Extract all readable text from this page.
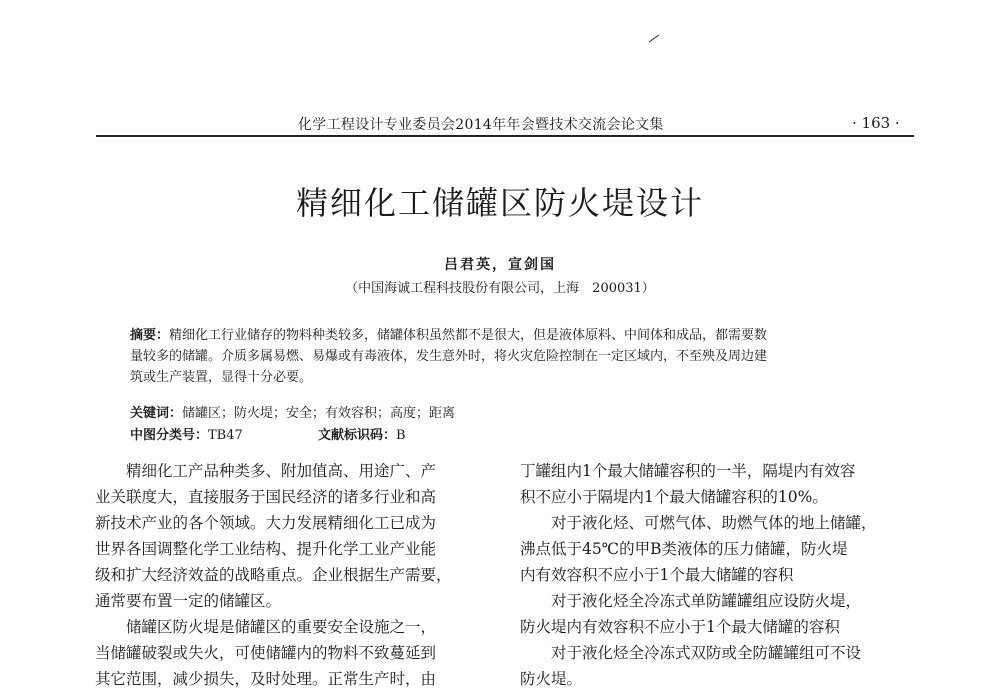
化学工程设计专业委员会2014年年会暨技术交流会论文集	· 163 ·
精细化工储罐区防火堤设计
吕君英，宣剑国
（中国海诚工程科技股份有限公司，上海　200031）

摘要：精细化工行业储存的物料种类较多，储罐体积虽然都不是很大，但是液体原料、中间体和成品，都需要数

量较多的储罐。介质多属易燃、易爆或有毒液体，发生意外时，将火灾危险控制在一定区域内，不至殃及周边建

筑或生产装置，显得十分必要。

关键词：储罐区；防火堤；安全；有效容积；高度；距离
中图分类号：TB47	文献标识码：B

精细化工产品种类多、附加值高、用途广、产

业关联度大，直接服务于国民经济的诸多行业和高

新技术产业的各个领域。大力发展精细化工已成为

世界各国调整化学工业结构、提升化学工业产业能

级和扩大经济效益的战略重点。企业根据生产需要，

通常要布置一定的储罐区。

储罐区防火堤是储罐区的重要安全设施之一，

当储罐破裂或失火，可使储罐内的物料不致蔓延到

其它范围，减少损失，及时处理。正常生产时，由

丁罐组内1个最大储罐容积的一半，隔堤内有效容

积不应小于隔堤内1个最大储罐容积的10%。

对于液化烃、可燃气体、助燃气体的地上储罐，

沸点低于45℃的甲B类液体的压力储罐，防火堤

内有效容积不应小于1个最大储罐的容积

对于液化烃全冷冻式单防罐罐组应设防火堤，

防火堤内有效容积不应小于1个最大储罐的容积

对于液化烃全冷冻式双防或全防罐罐组可不设

防火堤。
